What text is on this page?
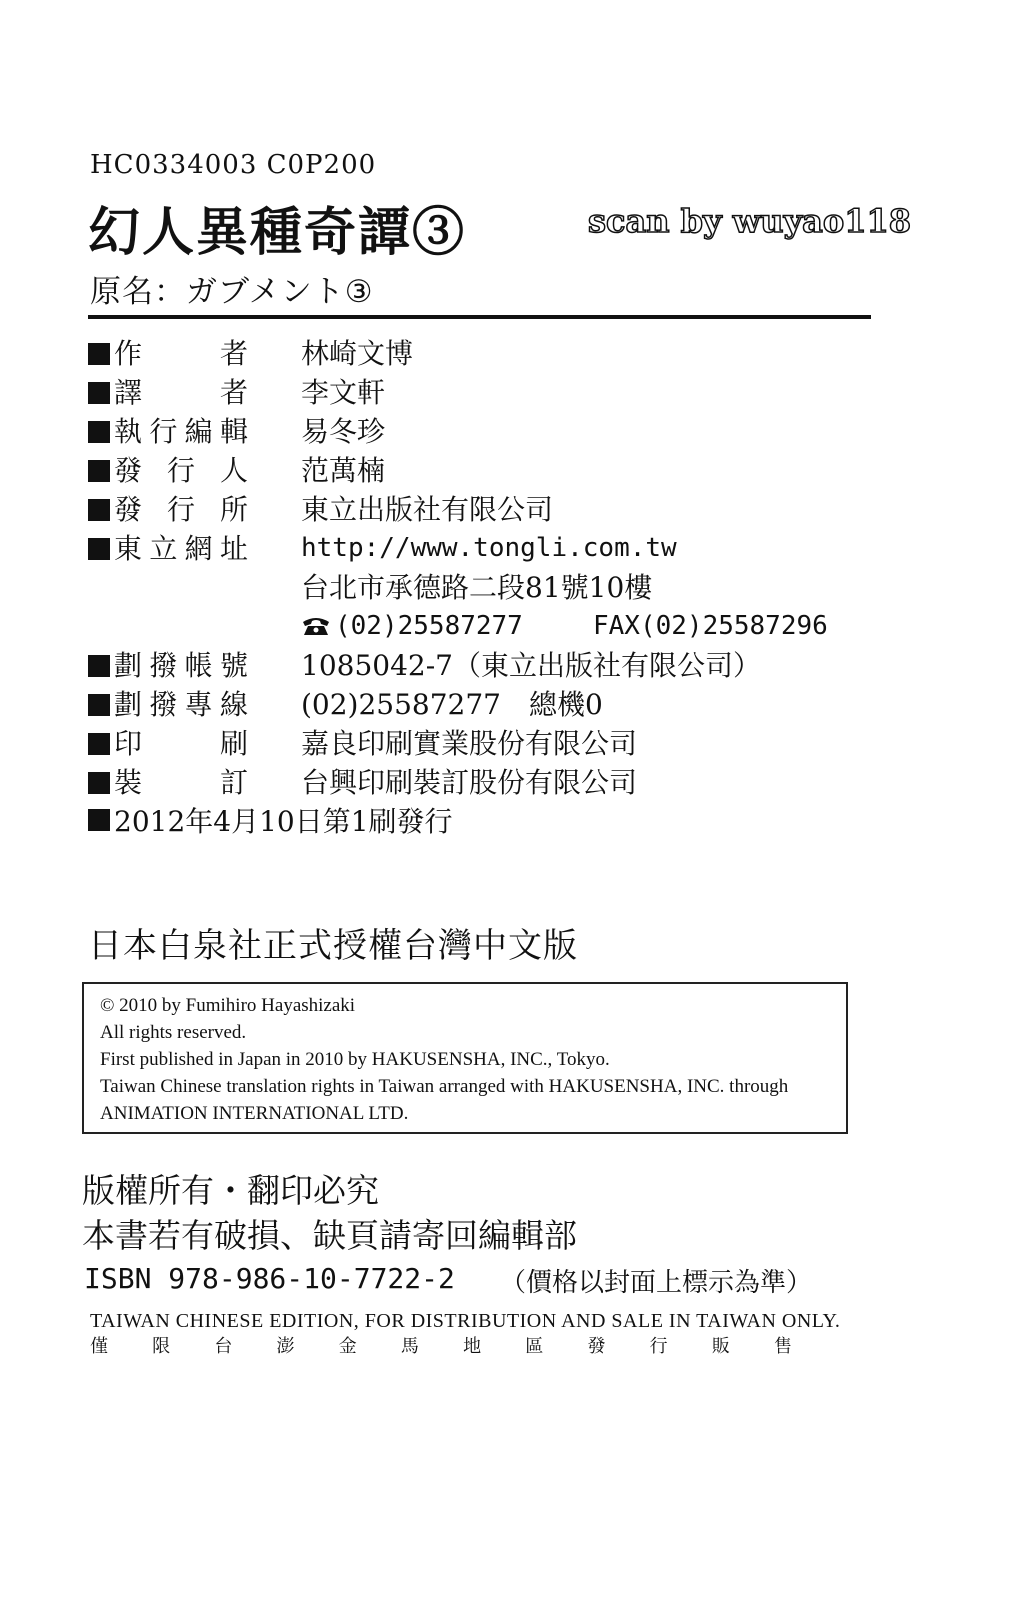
HC0334003 C0P200
幻人異種奇譚③	scan by wuyao118
原名：ガブメント③
作　者 林崎文博
譯　者 李文軒
執行編輯 易冬珍
發行人 范萬楠
發行所 東立出版社有限公司
東立網址 http://www.tongli.com.tw
台北市承德路二段81號10樓
(02)25587277	FAX(02)25587296
劃撥帳號 1085042-7（東立出版社有限公司）
劃撥專線 (02)25587277　總機0
印　刷 嘉良印刷實業股份有限公司
裝　訂 台興印刷裝訂股份有限公司
2012年4月10日第1刷發行
日本白泉社正式授權台灣中文版
© 2010 by Fumihiro Hayashizaki
All rights reserved.
First published in Japan in 2010 by HAKUSENSHA, INC., Tokyo.
Taiwan Chinese translation rights in Taiwan arranged with HAKUSENSHA, INC. through
ANIMATION INTERNATIONAL LTD.
版權所有・翻印必究
本書若有破損、缺頁請寄回編輯部
ISBN 978-986-10-7722-2 （價格以封面上標示為準）
TAIWAN CHINESE EDITION, FOR DISTRIBUTION AND SALE IN TAIWAN ONLY.
僅限台澎金馬地區發行販售
